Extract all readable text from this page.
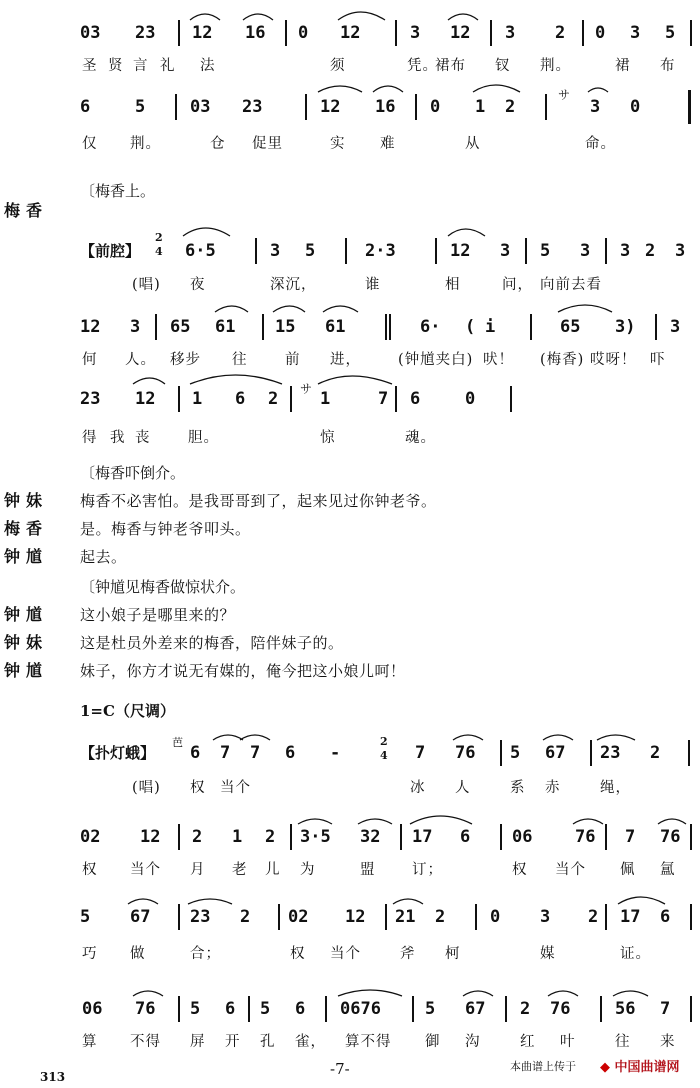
03 23 12 16 0 12	3 12 3 2 0 3 5
6	5	03 23	12 16 0 1 2	3 0
6·5	3 5	2·3	12 3 5 3 3 2 3
12 3 65 61 15 61	6· ( i	65 3) 3
23 12 1 6 2 1	7 6	0
6 7 7 6 -	7 76 5 67 23 2
02 12 2 1 2 3·5 32 17 6 06	76 7 76
5 67 23 2 02 12 21 2	0 3 2 17 6
06 76 5 6 5 6 0676	5 67 2 76	56 7
圣 贤 言 礼 法	须	凭。
裙布 钗 荆。	裙 布
仅 荆。	仓 促里	实 难	从	命。
(唱) 夜	深沉，	谁	相	问， 向前去看
何 人。 移步 往	前 进，	(钟馗夹白) 吠！ (梅香) 哎呀！ 吓
得 我 丧	胆。	惊	魂。
(唱) 权 当个	冰 人	系 赤	绳，
权 当个 月 老 儿 为	盟	订；	权 当个 佩 氲
巧 做	合；	权 当个	斧 柯	媒	证。
算 不得 屏 开 孔 雀， 算不得 御 沟	红 叶	往 来
〔梅香上。
梅香
【前腔】
2
4
〔梅香吓倒介。
钟妹 梅香不必害怕。是我哥哥到了，起来见过你钟老爷。
梅香 是。梅香与钟老爷叩头。
钟馗 起去。
钟馗 这小娘子是哪里来的？
钟妹 这是杜员外差来的梅香，陪伴妹子的。
钟馗 妹子，你方才说无有媒的，俺今把这小娘儿呵！
〔钟馗见梅香做惊状介。
1=C（尺调）
【扑灯蛾】
芭	2
4
サ
サ
-7-
313
本曲谱上传于 ◆ 中国曲谱网
